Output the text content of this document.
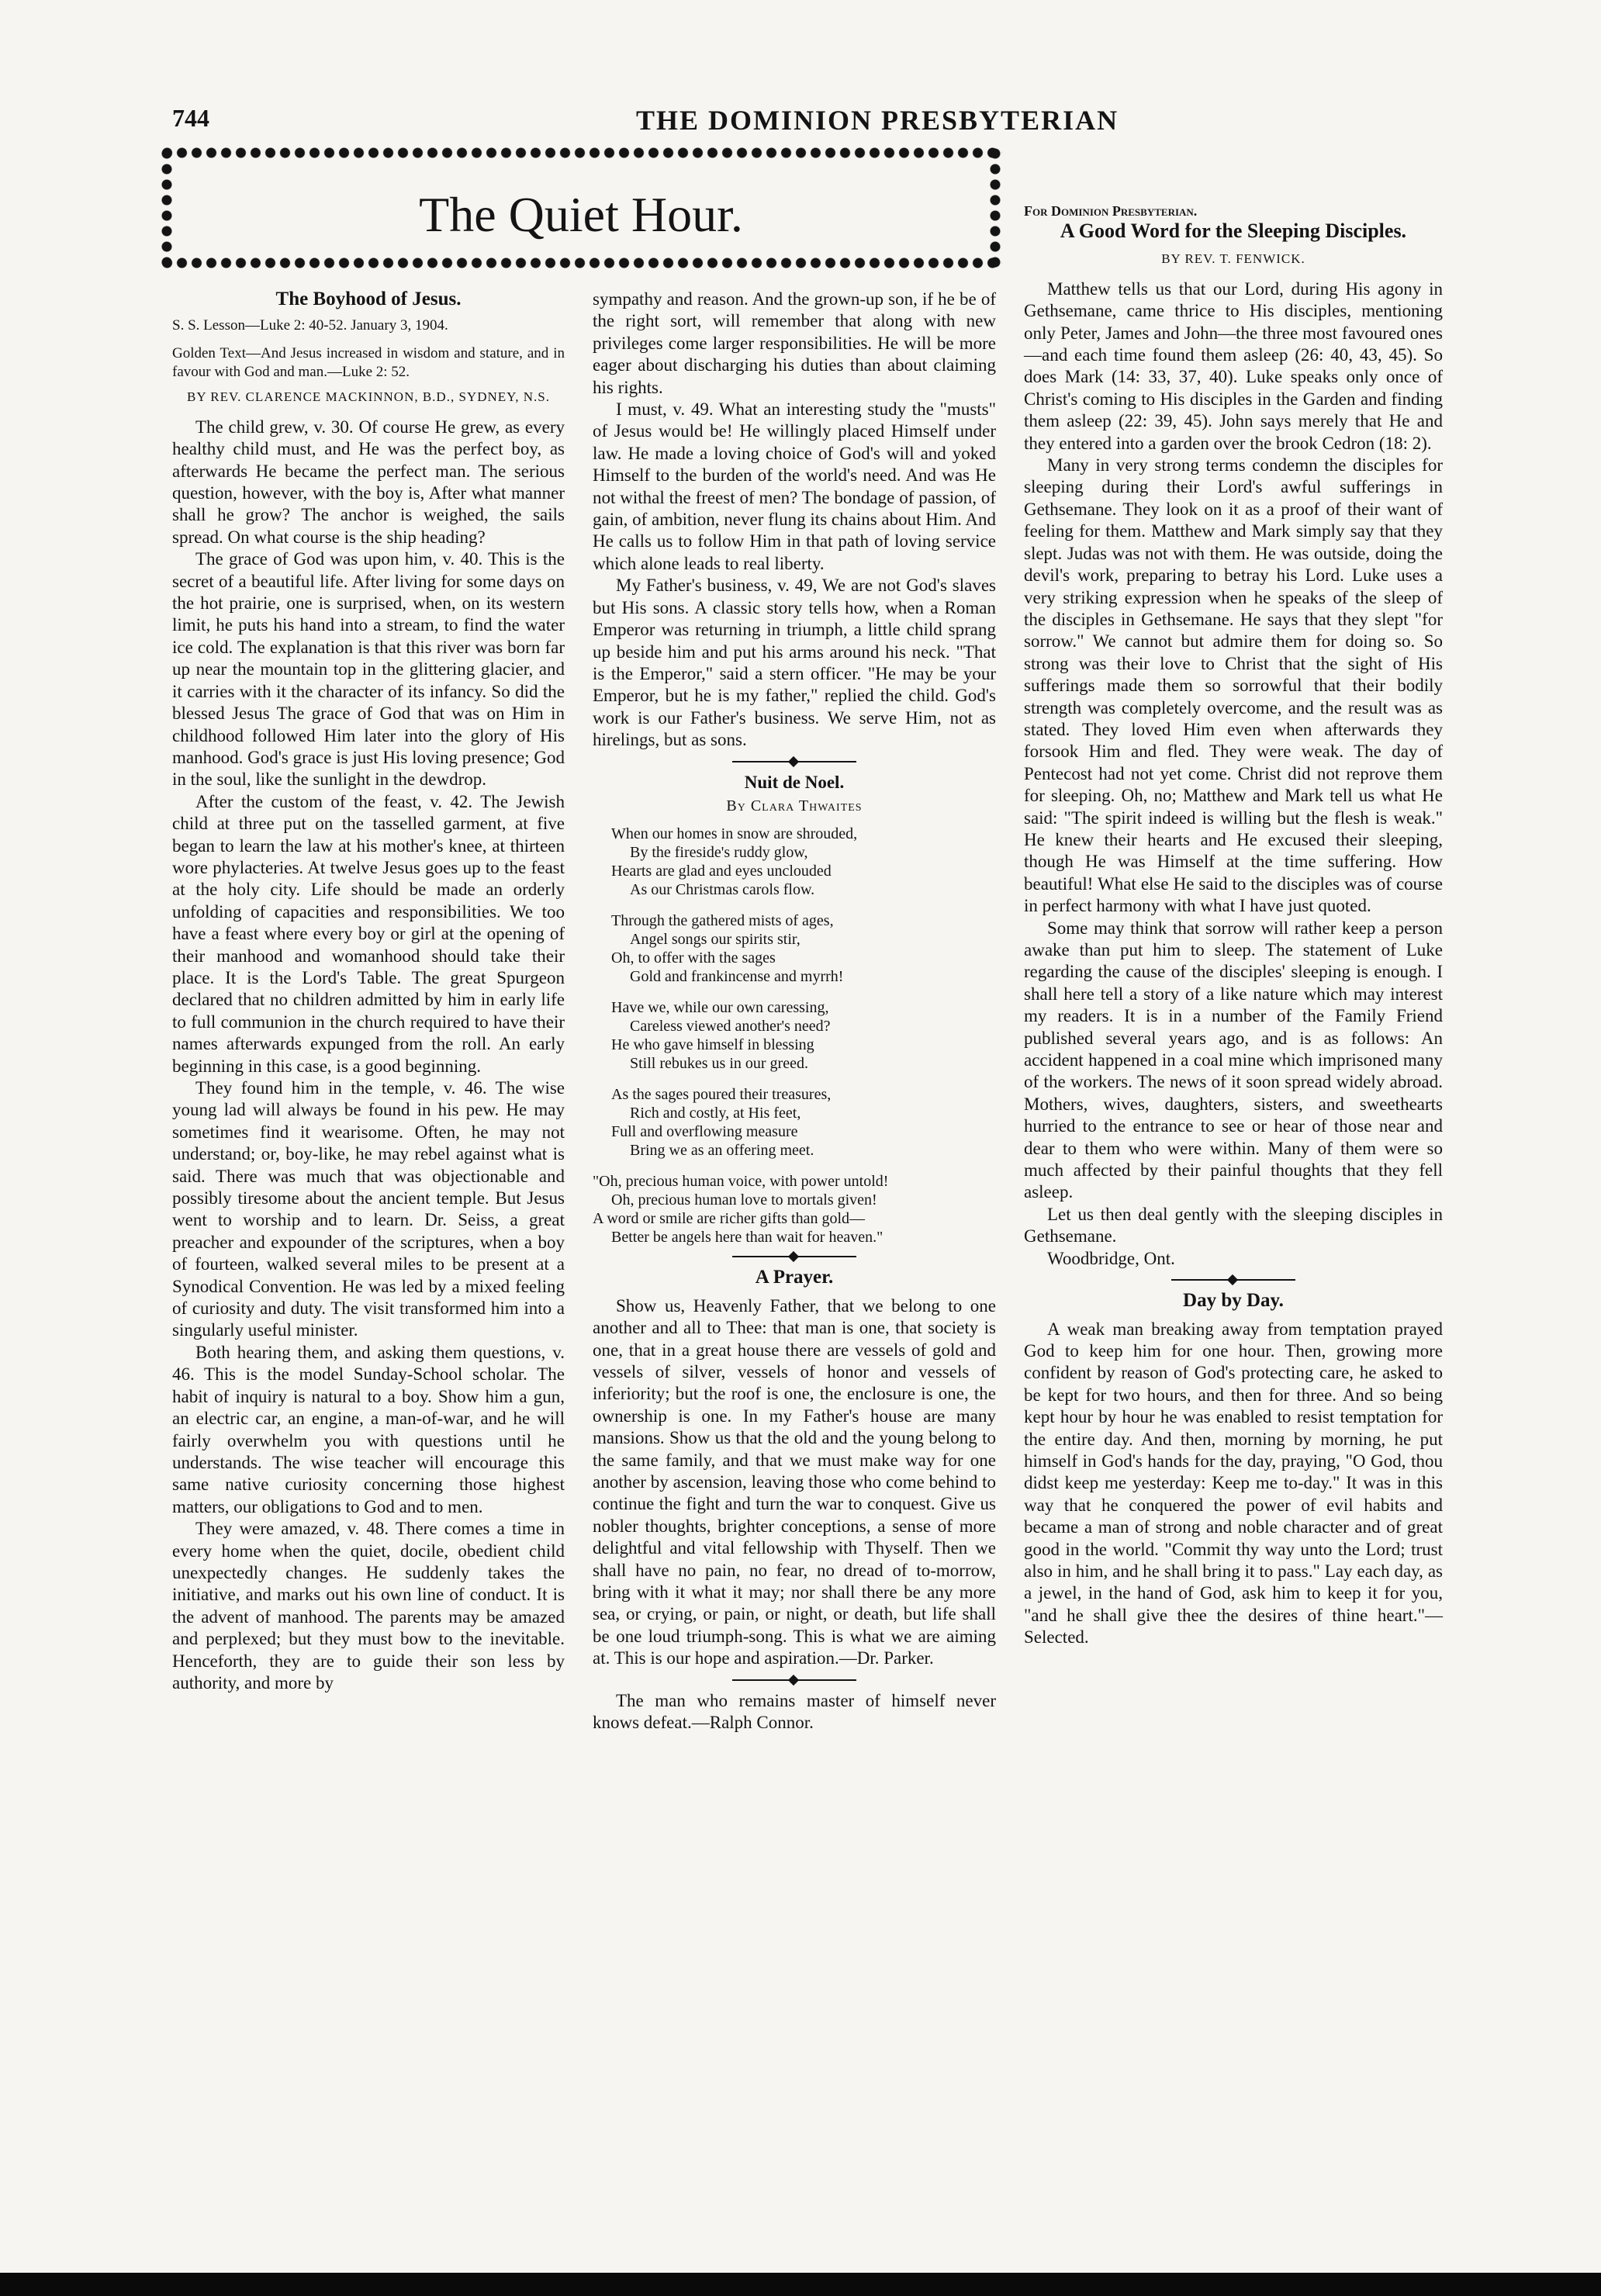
744	THE DOMINION PRESBYTERIAN
The Quiet Hour.
The Boyhood of Jesus.

S. S. Lesson—Luke 2: 40-52. January 3, 1904.

Golden Text—And Jesus increased in wisdom and stature, and in favour with God and man.—Luke 2: 52.

BY REV. CLARENCE MACKINNON, B.D., SYDNEY, N.S.

The child grew, v. 30. Of course He grew, as every healthy child must, and He was the perfect boy, as afterwards He became the perfect man. The serious question, however, with the boy is, After what manner shall he grow? The anchor is weighed, the sails spread. On what course is the ship heading?

The grace of God was upon him, v. 40. This is the secret of a beautiful life. After living for some days on the hot prairie, one is surprised, when, on its western limit, he puts his hand into a stream, to find the water ice cold. The explanation is that this river was born far up near the mountain top in the glittering glacier, and it carries with it the character of its infancy. So did the blessed Jesus The grace of God that was on Him in childhood followed Him later into the glory of His manhood. God's grace is just His loving presence; God in the soul, like the sunlight in the dewdrop.

After the custom of the feast, v. 42. The Jewish child at three put on the tasselled garment, at five began to learn the law at his mother's knee, at thirteen wore phylacteries. At twelve Jesus goes up to the feast at the holy city. Life should be made an orderly unfolding of capacities and responsibilities. We too have a feast where every boy or girl at the opening of their manhood and womanhood should take their place. It is the Lord's Table. The great Spurgeon declared that no children admitted by him in early life to full communion in the church required to have their names afterwards expunged from the roll. An early beginning in this case, is a good beginning.

They found him in the temple, v. 46. The wise young lad will always be found in his pew. He may sometimes find it wearisome. Often, he may not understand; or, boy-like, he may rebel against what is said. There was much that was objectionable and possibly tiresome about the ancient temple. But Jesus went to worship and to learn. Dr. Seiss, a great preacher and expounder of the scriptures, when a boy of fourteen, walked several miles to be present at a Synodical Convention. He was led by a mixed feeling of curiosity and duty. The visit transformed him into a singularly useful minister.

Both hearing them, and asking them questions, v. 46. This is the model Sunday-School scholar. The habit of inquiry is natural to a boy. Show him a gun, an electric car, an engine, a man-of-war, and he will fairly overwhelm you with questions until he understands. The wise teacher will encourage this same native curiosity concerning those highest matters, our obligations to God and to men.

They were amazed, v. 48. There comes a time in every home when the quiet, docile, obedient child unexpectedly changes. He suddenly takes the initiative, and marks out his own line of conduct. It is the advent of manhood. The parents may be amazed and perplexed; but they must bow to the inevitable. Henceforth, they are to guide their son less by authority, and more by

sympathy and reason. And the grown-up son, if he be of the right sort, will remember that along with new privileges come larger responsibilities. He will be more eager about discharging his duties than about claiming his rights.

I must, v. 49. What an interesting study the "musts" of Jesus would be! He willingly placed Himself under law. He made a loving choice of God's will and yoked Himself to the burden of the world's need. And was He not withal the freest of men? The bondage of passion, of gain, of ambition, never flung its chains about Him. And He calls us to follow Him in that path of loving service which alone leads to real liberty.

My Father's business, v. 49, We are not God's slaves but His sons. A classic story tells how, when a Roman Emperor was returning in triumph, a little child sprang up beside him and put his arms around his neck. "That is the Emperor," said a stern officer. "He may be your Emperor, but he is my father," replied the child. God's work is our Father's business. We serve Him, not as hirelings, but as sons.

Nuit de Noel.
By Clara Thwaites
When our homes in snow are shrouded,
By the fireside's ruddy glow,
Hearts are glad and eyes unclouded
As our Christmas carols flow.
Through the gathered mists of ages,
Angel songs our spirits stir,
Oh, to offer with the sages
Gold and frankincense and myrrh!
Have we, while our own caressing,
Careless viewed another's need?
He who gave himself in blessing
Still rebukes us in our greed.
As the sages poured their treasures,
Rich and costly, at His feet,
Full and overflowing measure
Bring we as an offering meet.
"Oh, precious human voice, with power untold!
Oh, precious human love to mortals given!
A word or smile are richer gifts than gold—
Better be angels here than wait for heaven."
A Prayer.

Show us, Heavenly Father, that we belong to one another and all to Thee: that man is one, that society is one, that in a great house there are vessels of gold and vessels of silver, vessels of honor and vessels of inferiority; but the roof is one, the enclosure is one, the ownership is one. In my Father's house are many mansions. Show us that the old and the young belong to the same family, and that we must make way for one another by ascension, leaving those who come behind to continue the fight and turn the war to conquest. Give us nobler thoughts, brighter conceptions, a sense of more delightful and vital fellowship with Thyself. Then we shall have no pain, no fear, no dread of to-morrow, bring with it what it may; nor shall there be any more sea, or crying, or pain, or night, or death, but life shall be one loud triumph-song. This is what we are aiming at. This is our hope and aspiration.—Dr. Parker.

The man who remains master of himself never knows defeat.—Ralph Connor.

For Dominion Presbyterian.
A Good Word for the Sleeping Disciples.
BY REV. T. FENWICK.

Matthew tells us that our Lord, during His agony in Gethsemane, came thrice to His disciples, mentioning only Peter, James and John—the three most favoured ones—and each time found them asleep (26: 40, 43, 45). So does Mark (14: 33, 37, 40). Luke speaks only once of Christ's coming to His disciples in the Garden and finding them asleep (22: 39, 45). John says merely that He and they entered into a garden over the brook Cedron (18: 2).

Many in very strong terms condemn the disciples for sleeping during their Lord's awful sufferings in Gethsemane. They look on it as a proof of their want of feeling for them. Matthew and Mark simply say that they slept. Judas was not with them. He was outside, doing the devil's work, preparing to betray his Lord. Luke uses a very striking expression when he speaks of the sleep of the disciples in Gethsemane. He says that they slept "for sorrow." We cannot but admire them for doing so. So strong was their love to Christ that the sight of His sufferings made them so sorrowful that their bodily strength was completely overcome, and the result was as stated. They loved Him even when afterwards they forsook Him and fled. They were weak. The day of Pentecost had not yet come. Christ did not reprove them for sleeping. Oh, no; Matthew and Mark tell us what He said: "The spirit indeed is willing but the flesh is weak." He knew their hearts and He excused their sleeping, though He was Himself at the time suffering. How beautiful! What else He said to the disciples was of course in perfect harmony with what I have just quoted.

Some may think that sorrow will rather keep a person awake than put him to sleep. The statement of Luke regarding the cause of the disciples' sleeping is enough. I shall here tell a story of a like nature which may interest my readers. It is in a number of the Family Friend published several years ago, and is as follows: An accident happened in a coal mine which imprisoned many of the workers. The news of it soon spread widely abroad. Mothers, wives, daughters, sisters, and sweethearts hurried to the entrance to see or hear of those near and dear to them who were within. Many of them were so much affected by their painful thoughts that they fell asleep.

Let us then deal gently with the sleeping disciples in Gethsemane.

Woodbridge, Ont.

Day by Day.

A weak man breaking away from temptation prayed God to keep him for one hour. Then, growing more confident by reason of God's protecting care, he asked to be kept for two hours, and then for three. And so being kept hour by hour he was enabled to resist temptation for the entire day. And then, morning by morning, he put himself in God's hands for the day, praying, "O God, thou didst keep me yesterday: Keep me to-day." It was in this way that he conquered the power of evil habits and became a man of strong and noble character and of great good in the world. "Commit thy way unto the Lord; trust also in him, and he shall bring it to pass." Lay each day, as a jewel, in the hand of God, ask him to keep it for you, "and he shall give thee the desires of thine heart."—Selected.
